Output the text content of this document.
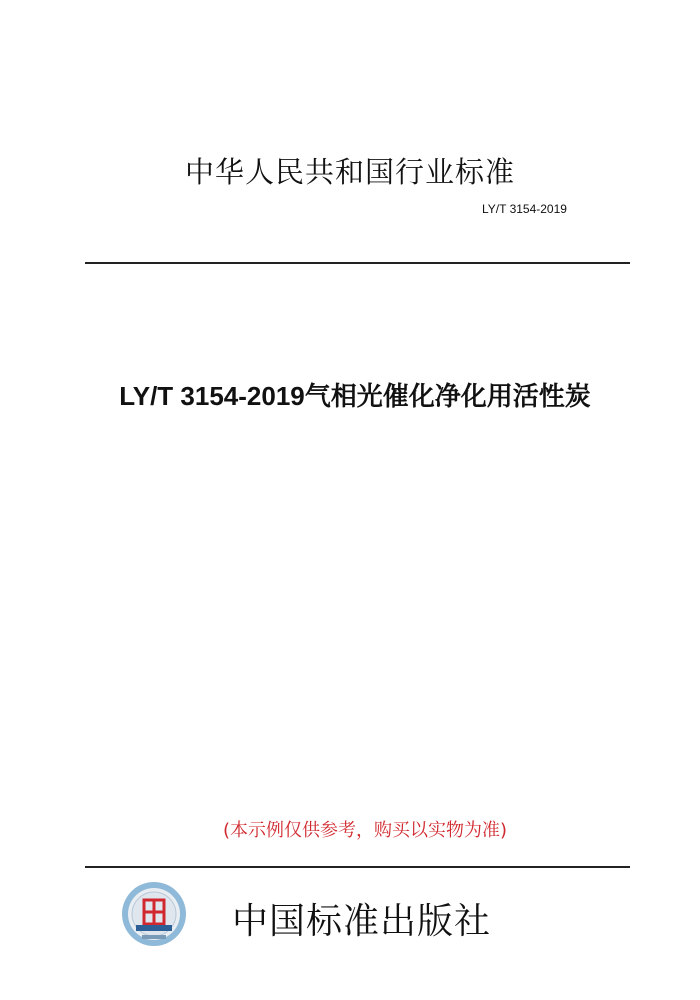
中华人民共和国行业标准
LY/T 3154-2019
LY/T 3154-2019气相光催化净化用活性炭
(本示例仅供参考，购买以实物为准)
中国标准出版社
